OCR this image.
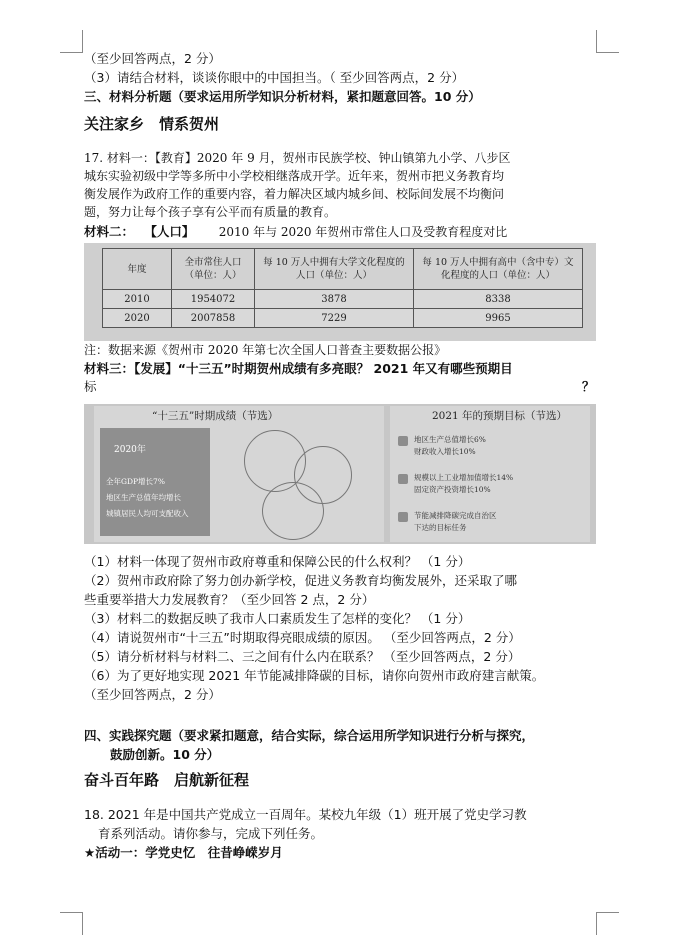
（至少回答两点，2 分）
（3）请结合材料，谈谈你眼中的中国担当。（ 至少回答两点，2 分）
三、材料分析题（要求运用所学知识分析材料，紧扣题意回答。10 分）
关注家乡　情系贺州
17. 材料一：【教育】2020 年 9 月，贺州市民族学校、钟山镇第九小学、八步区
城东实验初级中学等多所中小学校相继落成开学。近年来，贺州市把义务教育均
衡发展作为政府工作的重要内容，着力解决区域内城乡间、校际间发展不均衡问
题，努力让每个孩子享有公平而有质量的教育。
材料二： 【人口】 2010 年与 2020 年贺州市常住人口及受教育程度对比
年度	全市常住人口（单位：人）	每 10 万人中拥有大学文化程度的人口（单位：人）	每 10 万人中拥有高中（含中专）文化程度的人口（单位：人）
2010	1954072	3878	8338
2020	2007858	7229	9965
注：数据来源《贺州市 2020 年第七次全国人口普查主要数据公报》
材料三：【发展】“十三五”时期贺州成绩有多亮眼？ 2021 年又有哪些预期目
标	？
“十三五”时期成绩（节选）
2020年
全年GDP增长7%
地区生产总值年均增长
城镇居民人均可支配收入
2021 年的预期目标（节选）
地区生产总值增长6%
财政收入增长10%
规模以上工业增加值增长14%
固定资产投资增长10%
节能减排降碳完成自治区
下达的目标任务
（1）材料一体现了贺州市政府尊重和保障公民的什么权利？ （1 分）
（2）贺州市政府除了努力创办新学校，促进义务教育均衡发展外，还采取了哪
些重要举措大力发展教育？（至少回答 2 点，2 分）
（3）材料二的数据反映了我市人口素质发生了怎样的变化？ （1 分）
（4）请说贺州市“十三五”时期取得亮眼成绩的原因。 （至少回答两点，2 分）
（5）请分析材料与材料二、三之间有什么内在联系？ （至少回答两点，2 分）
（6）为了更好地实现 2021 年节能减排降碳的目标，请你向贺州市政府建言献策。
（至少回答两点，2 分）
四、实践探究题（要求紧扣题意，结合实际，综合运用所学知识进行分析与探究，
鼓励创新。10 分）
奋斗百年路　启航新征程
18. 2021 年是中国共产党成立一百周年。某校九年级（1）班开展了党史学习教
育系列活动。请你参与，完成下列任务。
★活动一：学党史忆　往昔峥嵘岁月
